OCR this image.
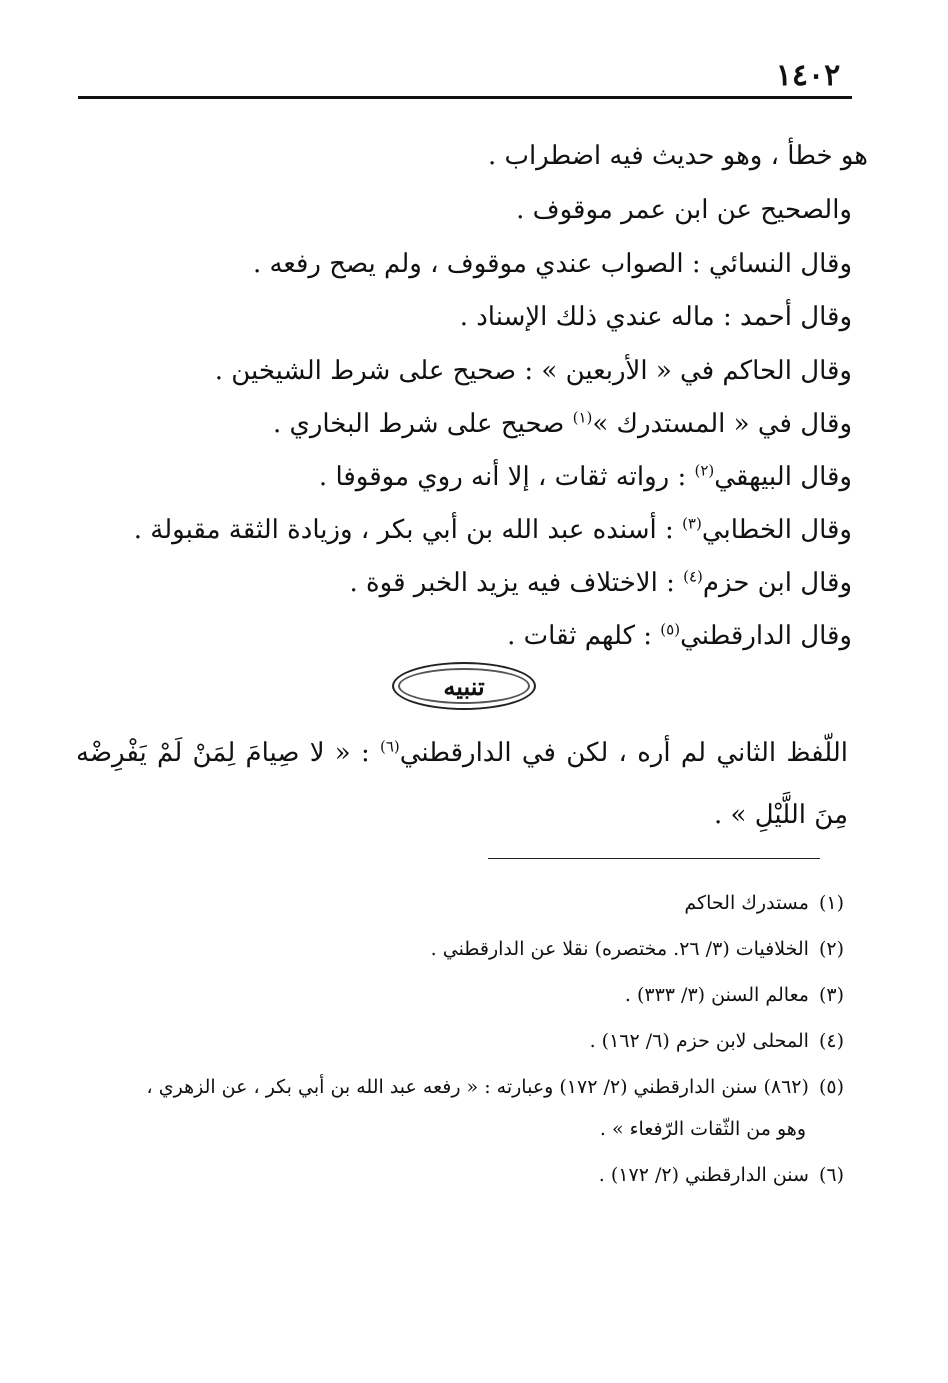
١٤٠٢
هو خطأ ، وهو حديث فيه اضطراب .
والصحيح عن ابن عمر موقوف .
وقال النسائي : الصواب عندي موقوف ، ولم يصح رفعه .
وقال أحمد : ماله عندي ذلك الإسناد .
وقال الحاكم في « الأربعين » : صحيح على شرط الشيخين .
وقال في « المستدرك »$^{(١)}$ صحيح على شرط البخاري .
وقال البيهقي$^{(٢)}$ : رواته ثقات ، إلا أنه روي موقوفا .
وقال الخطابي$^{(٣)}$ : أسنده عبد الله بن أبي بكر ، وزيادة الثقة مقبولة .
وقال ابن حزم$^{(٤)}$ : الاختلاف فيه يزيد الخبر قوة .
وقال الدارقطني$^{(٥)}$ : كلهم ثقات .
تنبيه
اللّفظ الثاني لم أره ، لكن في الدارقطني$^{(٦)}$ : « لا صِيامَ لِمَنْ لَمْ يَفْرِضْه مِنَ اللَّيْلِ » .
(١)مستدرك الحاكم
(٢)الخلافيات (٣/ ٢٦. مختصره) نقلا عن الدارقطني .
(٣)معالم السنن (٣/ ٣٣٣) .
(٤)المحلى لابن حزم (٦/ ١٦٢) .
(٥)(٨٦٢) سنن الدارقطني (٢/ ١٧٢) وعبارته : « رفعه عبد الله بن أبي بكر ، عن الزهري ،
وهو من الثّقات الرّفعاء » .
(٦)سنن الدارقطني (٢/ ١٧٢) .
